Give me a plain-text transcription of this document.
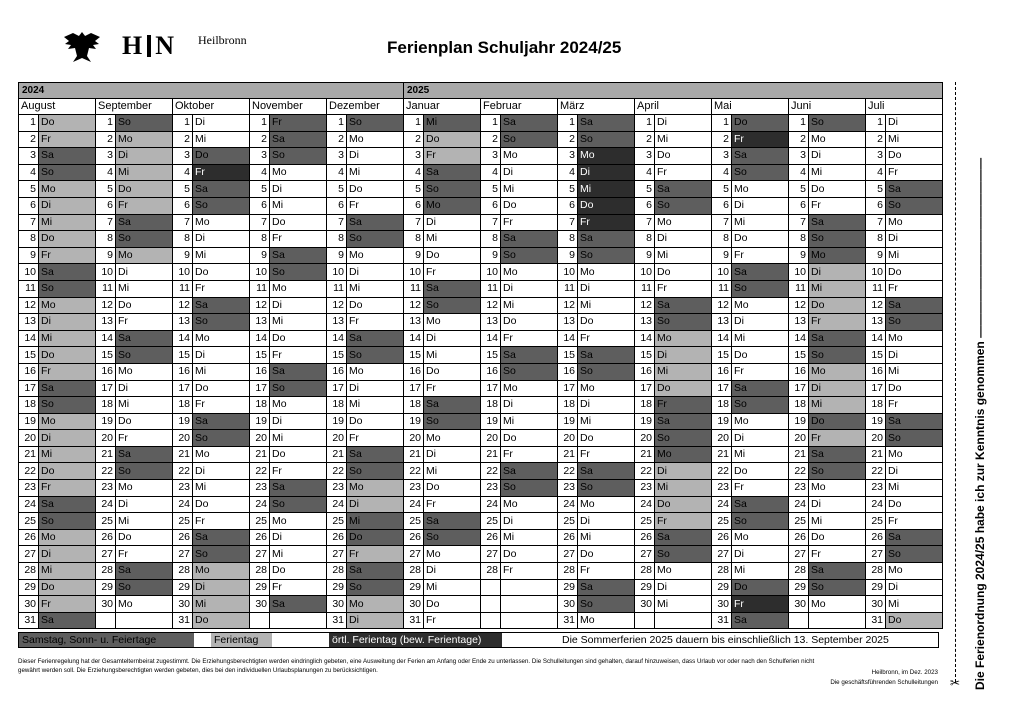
H N Heilbronn	Ferienplan Schuljahr 2024/25
2024										2025													
August		September		Oktober		November		Dezember		Januar		Februar		März		April		Mai		Juni		Juli	
1	Do	1	So	1	Di	1	Fr	1	So	1	Mi	1	Sa	1	Sa	1	Di	1	Do	1	So	1	Di
2	Fr	2	Mo	2	Mi	2	Sa	2	Mo	2	Do	2	So	2	So	2	Mi	2	Fr	2	Mo	2	Mi
3	Sa	3	Di	3	Do	3	So	3	Di	3	Fr	3	Mo	3	Mo	3	Do	3	Sa	3	Di	3	Do
4	So	4	Mi	4	Fr	4	Mo	4	Mi	4	Sa	4	Di	4	Di	4	Fr	4	So	4	Mi	4	Fr
5	Mo	5	Do	5	Sa	5	Di	5	Do	5	So	5	Mi	5	Mi	5	Sa	5	Mo	5	Do	5	Sa
6	Di	6	Fr	6	So	6	Mi	6	Fr	6	Mo	6	Do	6	Do	6	So	6	Di	6	Fr	6	So
7	Mi	7	Sa	7	Mo	7	Do	7	Sa	7	Di	7	Fr	7	Fr	7	Mo	7	Mi	7	Sa	7	Mo
8	Do	8	So	8	Di	8	Fr	8	So	8	Mi	8	Sa	8	Sa	8	Di	8	Do	8	So	8	Di
9	Fr	9	Mo	9	Mi	9	Sa	9	Mo	9	Do	9	So	9	So	9	Mi	9	Fr	9	Mo	9	Mi
10	Sa	10	Di	10	Do	10	So	10	Di	10	Fr	10	Mo	10	Mo	10	Do	10	Sa	10	Di	10	Do
11	So	11	Mi	11	Fr	11	Mo	11	Mi	11	Sa	11	Di	11	Di	11	Fr	11	So	11	Mi	11	Fr
12	Mo	12	Do	12	Sa	12	Di	12	Do	12	So	12	Mi	12	Mi	12	Sa	12	Mo	12	Do	12	Sa
13	Di	13	Fr	13	So	13	Mi	13	Fr	13	Mo	13	Do	13	Do	13	So	13	Di	13	Fr	13	So
14	Mi	14	Sa	14	Mo	14	Do	14	Sa	14	Di	14	Fr	14	Fr	14	Mo	14	Mi	14	Sa	14	Mo
15	Do	15	So	15	Di	15	Fr	15	So	15	Mi	15	Sa	15	Sa	15	Di	15	Do	15	So	15	Di
16	Fr	16	Mo	16	Mi	16	Sa	16	Mo	16	Do	16	So	16	So	16	Mi	16	Fr	16	Mo	16	Mi
17	Sa	17	Di	17	Do	17	So	17	Di	17	Fr	17	Mo	17	Mo	17	Do	17	Sa	17	Di	17	Do
18	So	18	Mi	18	Fr	18	Mo	18	Mi	18	Sa	18	Di	18	Di	18	Fr	18	So	18	Mi	18	Fr
19	Mo	19	Do	19	Sa	19	Di	19	Do	19	So	19	Mi	19	Mi	19	Sa	19	Mo	19	Do	19	Sa
20	Di	20	Fr	20	So	20	Mi	20	Fr	20	Mo	20	Do	20	Do	20	So	20	Di	20	Fr	20	So
21	Mi	21	Sa	21	Mo	21	Do	21	Sa	21	Di	21	Fr	21	Fr	21	Mo	21	Mi	21	Sa	21	Mo
22	Do	22	So	22	Di	22	Fr	22	So	22	Mi	22	Sa	22	Sa	22	Di	22	Do	22	So	22	Di
23	Fr	23	Mo	23	Mi	23	Sa	23	Mo	23	Do	23	So	23	So	23	Mi	23	Fr	23	Mo	23	Mi
24	Sa	24	Di	24	Do	24	So	24	Di	24	Fr	24	Mo	24	Mo	24	Do	24	Sa	24	Di	24	Do
25	So	25	Mi	25	Fr	25	Mo	25	Mi	25	Sa	25	Di	25	Di	25	Fr	25	So	25	Mi	25	Fr
26	Mo	26	Do	26	Sa	26	Di	26	Do	26	So	26	Mi	26	Mi	26	Sa	26	Mo	26	Do	26	Sa
27	Di	27	Fr	27	So	27	Mi	27	Fr	27	Mo	27	Do	27	Do	27	So	27	Di	27	Fr	27	So
28	Mi	28	Sa	28	Mo	28	Do	28	Sa	28	Di	28	Fr	28	Fr	28	Mo	28	Mi	28	Sa	28	Mo
29	Do	29	So	29	Di	29	Fr	29	So	29	Mi			29	Sa	29	Di	29	Do	29	So	29	Di
30	Fr	30	Mo	30	Mi	30	Sa	30	Mo	30	Do			30	So	30	Mi	30	Fr	30	Mo	30	Mi
31	Sa			31	Do			31	Di	31	Fr			31	Mo			31	Sa			31	Do
Samstag, Sonn- u. Feiertage	Ferientag	örtl. Ferientag (bew. Ferientage)	Die Sommerferien 2025 dauern bis einschließlich 13. September 2025
Dieser Ferienregelung hat der Gesamtelternbeirat zugestimmt. Die Erziehungsberechtigten werden eindringlich gebeten, eine Ausweitung der Ferien am Anfang oder Ende zu unterlassen. Die Schulleitungen sind gehalten, darauf hinzuweisen, dass Urlaub vor oder nach den Schulferien nicht gewährt werden soll. Die Erziehungsberechtigten werden gebeten, dies bei den individuellen Urlaubsplanungen zu berücksichtigen.	Heilbronn, im Dez. 2023
Die geschäftsführenden Schulleitungen ✂ Die Ferienordnung 2024/25 habe ich zur Kenntnis genommen ———————————————
